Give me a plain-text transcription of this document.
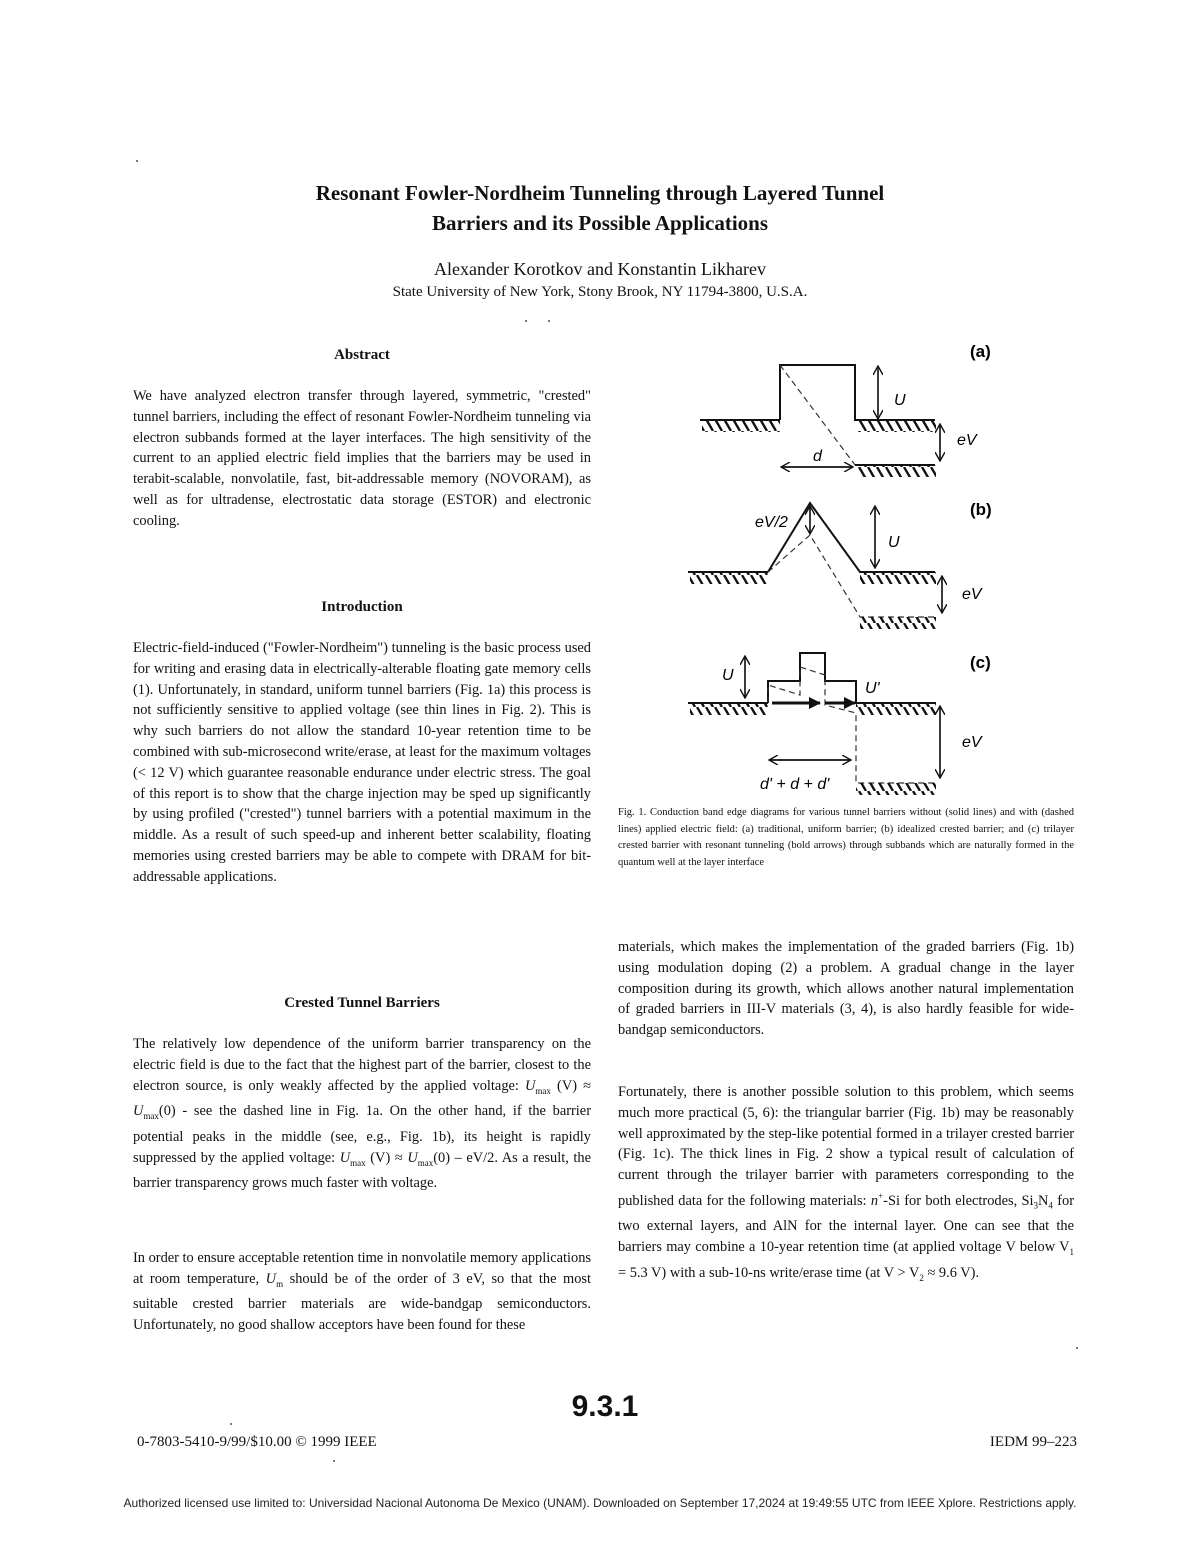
Resonant Fowler-Nordheim Tunneling through Layered Tunnel
Barriers and its Possible Applications
Alexander Korotkov and Konstantin Likharev
State University of New York, Stony Brook, NY 11794-3800, U.S.A.
Abstract

We have analyzed electron transfer through layered, symmetric, "crested" tunnel barriers, including the effect of resonant Fowler-Nordheim tunneling via electron subbands formed at the layer interfaces. The high sensitivity of the current to an applied electric field implies that the barriers may be used in terabit-scalable, nonvolatile, fast, bit-addressable memory (NOVORAM), as well as for ultradense, electrostatic data storage (ESTOR) and electronic cooling.

Introduction

Electric-field-induced ("Fowler-Nordheim") tunneling is the basic process used for writing and erasing data in electrically-alterable floating gate memory cells (1). Unfortunately, in standard, uniform tunnel barriers (Fig. 1a) this process is not sufficiently sensitive to applied voltage (see thin lines in Fig. 2). This is why such barriers do not allow the standard 10-year retention time to be combined with sub-microsecond write/erase, at least for the maximum voltages (< 12 V) which guarantee reasonable endurance under electric stress. The goal of this report is to show that the charge injection may be sped up significantly by using profiled ("crested") tunnel barriers with a potential maximum in the middle. As a result of such speed-up and inherent better scalability, floating memories using crested barriers may be able to compete with DRAM for bit-addressable applications.

Crested Tunnel Barriers

The relatively low dependence of the uniform barrier transparency on the electric field is due to the fact that the highest part of the barrier, closest to the electron source, is only weakly affected by the applied voltage: $U_{max}$ $(V) \approx U_{max}(0)$ - see the dashed line in Fig. 1a. On the other hand, if the barrier potential peaks in the middle (see, e.g., Fig. 1b), its height is rapidly suppressed by the applied voltage: $U_{max}$ $(V) \approx U_{max}(0) - eV/2$. As a result, the barrier transparency grows much faster with voltage.

In order to ensure acceptable retention time in nonvolatile memory applications at room temperature, $U_m$ should be of the order of 3 eV, so that the most suitable crested barrier materials are wide-bandgap semiconductors. Unfortunately, no good shallow acceptors have been found for these

(a)
U
eV
d
(b)
eV/2
U
eV
(c)
U
U'
eV
d' + d + d'

Fig. 1. Conduction band edge diagrams for various tunnel barriers without (solid lines) and with (dashed lines) applied electric field: (a) traditional, uniform barrier; (b) idealized crested barrier; and (c) trilayer crested barrier with resonant tunneling (bold arrows) through subbands which are naturally formed in the quantum well at the layer interface

materials, which makes the implementation of the graded barriers (Fig. 1b) using modulation doping (2) a problem. A gradual change in the layer composition during its growth, which allows another natural implementation of graded barriers in III-V materials (3, 4), is also hardly feasible for wide-bandgap semiconductors.

Fortunately, there is another possible solution to this problem, which seems much more practical (5, 6): the triangular barrier (Fig. 1b) may be reasonably well approximated by the step-like potential formed in a trilayer crested barrier (Fig. 1c). The thick lines in Fig. 2 show a typical result of calculation of current through the trilayer barrier with parameters corresponding to the published data for the following materials: n+-Si for both electrodes, $Si_3N_4$ for two external layers, and AlN for the internal layer. One can see that the barriers may combine a 10-year retention time (at applied voltage V below $V_1 = 5.3$ V) with a sub-10-ns write/erase time (at $V > V_2 \approx 9.6$ V).

9.3.1
0-7803-5410-9/99/$10.00 © 1999 IEEE	IEDM 99–223
Authorized licensed use limited to: Universidad Nacional Autonoma De Mexico (UNAM). Downloaded on September 17,2024 at 19:49:55 UTC from IEEE Xplore. Restrictions apply.
